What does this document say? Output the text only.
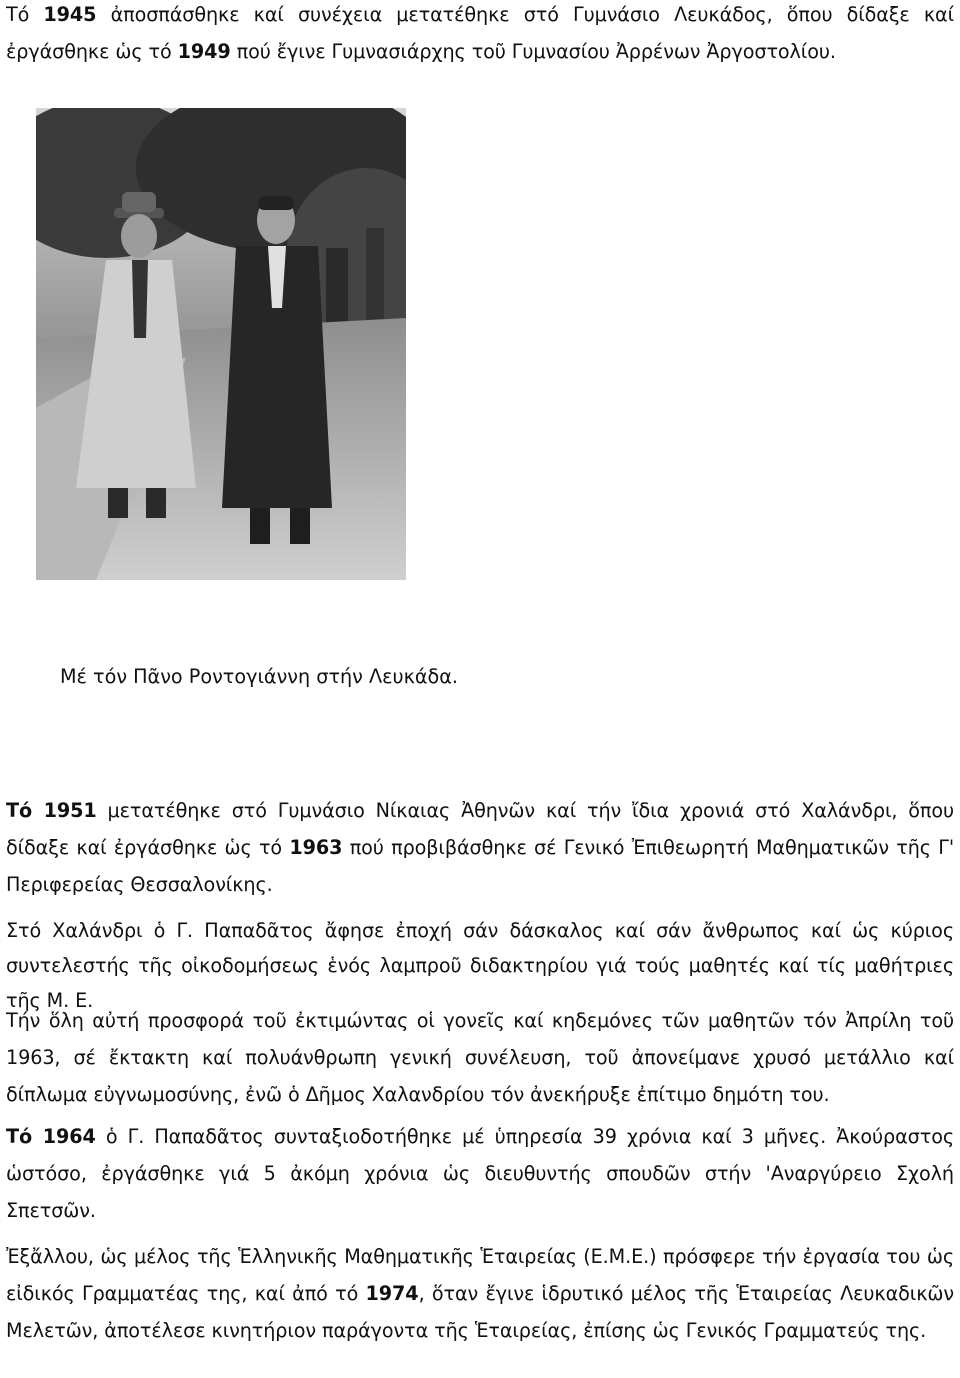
Τό 1945 ἀποσπάσθηκε καί συνέχεια μετατέθηκε στό Γυμνάσιο Λευκάδος, ὅπου δίδαξε καί ἐργάσθηκε ὡς τό 1949 πού ἔγινε Γυμνασιάρχης τοῦ Γυμνασίου Ἀρρένων Ἀργοστολίου.

Μέ τόν Πᾶνο Ροντογιάννη στήν Λευκάδα.

Τό 1951 μετατέθηκε στό Γυμνάσιο Νίκαιας Ἀθηνῶν καί τήν ἴδια χρονιά στό Χαλάνδρι, ὅπου δίδαξε καί ἐργάσθηκε ὡς τό 1963 πού προβιβάσθηκε σέ Γενικό Ἐπιθεωρητή Μαθηματικῶν τῆς Γ' Περιφερείας Θεσσαλονίκης.

Στό Χαλάνδρι ὁ Γ. Παπαδᾶτος ἄφησε ἐποχή σάν δάσκαλος καί σάν ἄνθρωπος καί ὡς κύριος συντελεστής τῆς οἰκοδομήσεως ἑνός λαμπροῦ διδακτηρίου γιά τούς μαθητές καί τίς μαθήτριες τῆς Μ. Ε.

Τήν ὅλη αὐτή προσφορά τοῦ ἐκτιμώντας οἱ γονεῖς καί κηδεμόνες τῶν μαθητῶν τόν Ἀπρίλη τοῦ 1963, σέ ἔκτακτη καί πολυάνθρωπη γενική συνέλευση, τοῦ ἀπονείμανε χρυσό μετάλλιο καί δίπλωμα εὐγνωμοσύνης, ἐνῶ ὁ Δῆμος Χαλανδρίου τόν ἀνεκήρυξε ἐπίτιμο δημότη του.

Τό 1964 ὁ Γ. Παπαδᾶτος συνταξιοδοτήθηκε μέ ὑπηρεσία 39 χρόνια καί 3 μῆνες. Ἀκούραστος ὡστόσο, ἐργάσθηκε γιά 5 ἀκόμη χρόνια ὡς διευθυντής σπουδῶν στήν 'Αναργύρειο Σχολή Σπετσῶν.

Ἐξἄλλου, ὡς μέλος τῆς Ἑλληνικῆς Μαθηματικῆς Ἑταιρείας (Ε.Μ.Ε.) πρόσφερε τήν ἐργασία του ὡς εἰδικός Γραμματέας της, καί ἀπό τό 1974, ὅταν ἔγινε ἱδρυτικό μέλος τῆς Ἑταιρείας Λευκαδικῶν Μελετῶν, ἀποτέλεσε κινητήριον παράγοντα τῆς Ἑταιρείας, ἐπίσης ὡς Γενικός Γραμματεύς της.
